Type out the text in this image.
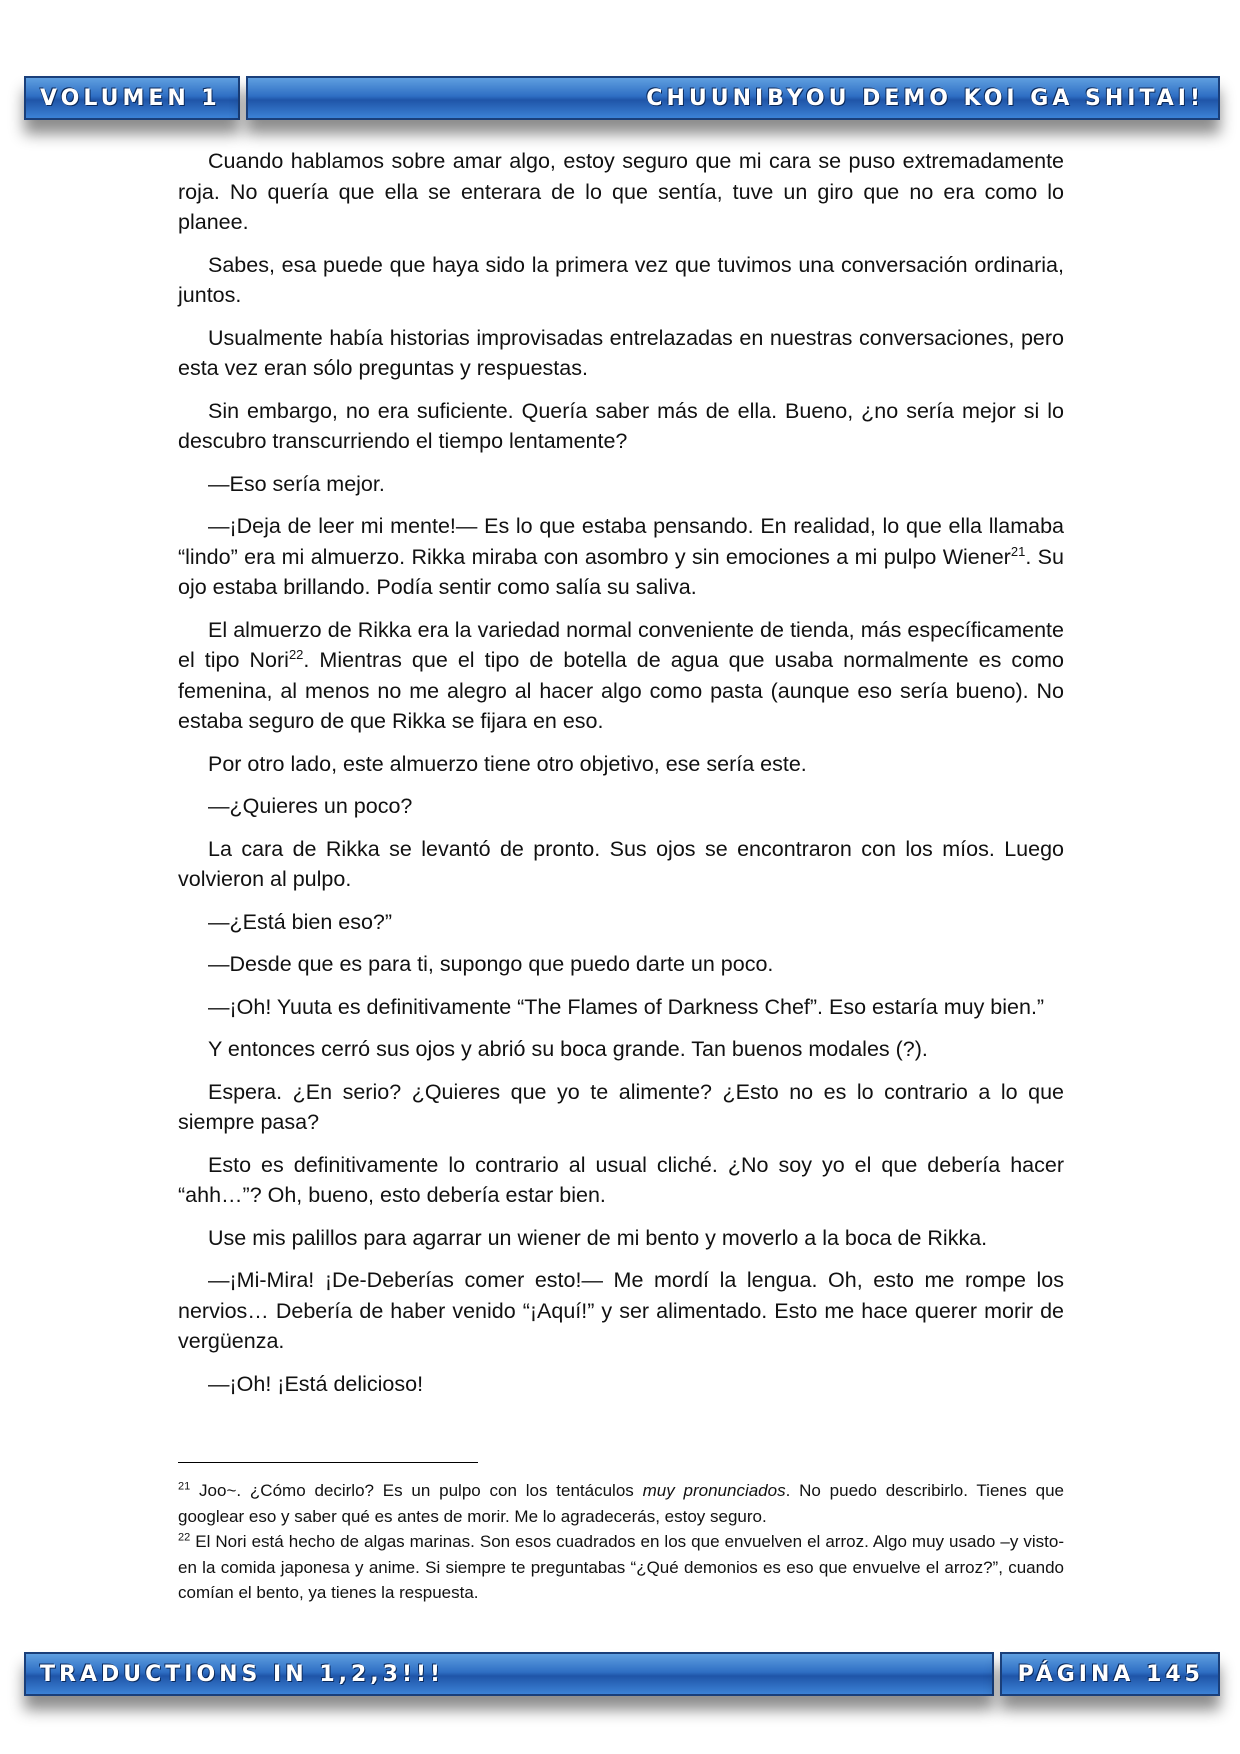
VOLUMEN 1	CHUUNIBYOU DEMO KOI GA SHITAI!

Cuando hablamos sobre amar algo, estoy seguro que mi cara se puso extremadamente roja. No quería que ella se enterara de lo que sentía, tuve un giro que no era como lo planee.

Sabes, esa puede que haya sido la primera vez que tuvimos una conversación ordinaria, juntos.

Usualmente había historias improvisadas entrelazadas en nuestras conversaciones, pero esta vez eran sólo preguntas y respuestas.

Sin embargo, no era suficiente. Quería saber más de ella. Bueno, ¿no sería mejor si lo descubro transcurriendo el tiempo lentamente?

—Eso sería mejor.

—¡Deja de leer mi mente!— Es lo que estaba pensando. En realidad, lo que ella llamaba “lindo” era mi almuerzo. Rikka miraba con asombro y sin emociones a mi pulpo Wiener$^{21}$. Su ojo estaba brillando. Podía sentir como salía su saliva.

El almuerzo de Rikka era la variedad normal conveniente de tienda, más específicamente el tipo Nori$^{22}$. Mientras que el tipo de botella de agua que usaba normalmente es como femenina, al menos no me alegro al hacer algo como pasta (aunque eso sería bueno). No estaba seguro de que Rikka se fijara en eso.

Por otro lado, este almuerzo tiene otro objetivo, ese sería este.

—¿Quieres un poco?

La cara de Rikka se levantó de pronto. Sus ojos se encontraron con los míos. Luego volvieron al pulpo.

—¿Está bien eso?”

—Desde que es para ti, supongo que puedo darte un poco.

—¡Oh! Yuuta es definitivamente “The Flames of Darkness Chef”. Eso estaría muy bien.”

Y entonces cerró sus ojos y abrió su boca grande. Tan buenos modales (?).

Espera. ¿En serio? ¿Quieres que yo te alimente? ¿Esto no es lo contrario a lo que siempre pasa?

Esto es definitivamente lo contrario al usual cliché. ¿No soy yo el que debería hacer “ahh…”? Oh, bueno, esto debería estar bien.

Use mis palillos para agarrar un wiener de mi bento y moverlo a la boca de Rikka.

—¡Mi-Mira! ¡De-Deberías comer esto!— Me mordí la lengua. Oh, esto me rompe los nervios… Debería de haber venido “¡Aquí!” y ser alimentado. Esto me hace querer morir de vergüenza.

—¡Oh! ¡Está delicioso!

$^{21}$ Joo~. ¿Cómo decirlo? Es un pulpo con los tentáculos muy pronunciados. No puedo describirlo. Tienes que googlear eso y saber qué es antes de morir. Me lo agradecerás, estoy seguro.
$^{22}$ El Nori está hecho de algas marinas. Son esos cuadrados en los que envuelven el arroz. Algo muy usado –y visto- en la comida japonesa y anime. Si siempre te preguntabas “¿Qué demonios es eso que envuelve el arroz?”, cuando comían el bento, ya tienes la respuesta.
TRADUCTIONS IN 1,2,3!!!	PÁGINA 145
